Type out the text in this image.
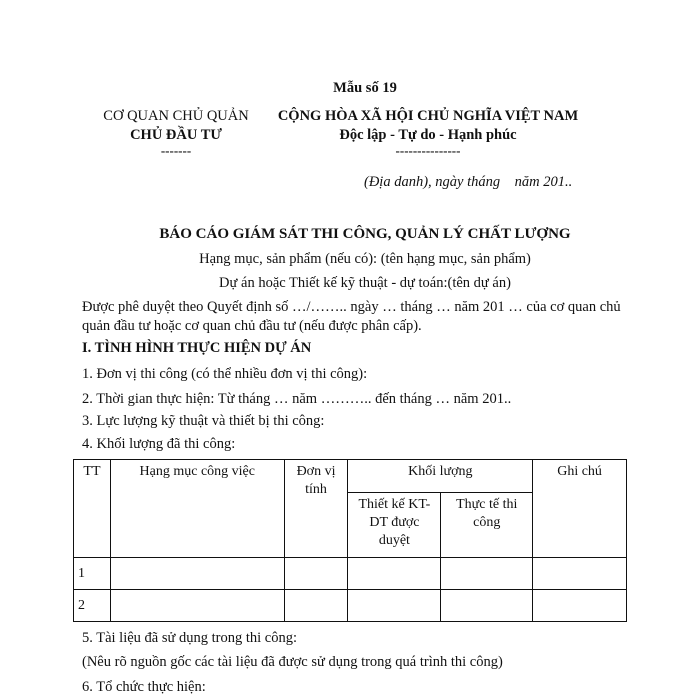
Mẫu số 19
CƠ QUAN CHỦ QUẢN
CHỦ ĐẦU TƯ
-------
CỘNG HÒA XÃ HỘI CHỦ NGHĨA VIỆT NAM
Độc lập - Tự do - Hạnh phúc
---------------
(Địa danh), ngày tháng    năm 201..
BÁO CÁO GIÁM SÁT THI CÔNG, QUẢN LÝ CHẤT LƯỢNG
Hạng mục, sản phẩm (nếu có): (tên hạng mục, sản phẩm)
Dự án hoặc Thiết kế kỹ thuật - dự toán:(tên dự án)
Được phê duyệt theo Quyết định số …/…….. ngày … tháng … năm 201 … của cơ quan chủ quản đầu tư hoặc cơ quan chủ đầu tư (nếu được phân cấp).
I. TÌNH HÌNH THỰC HIỆN DỰ ÁN
1. Đơn vị thi công (có thể nhiều đơn vị thi công):
2. Thời gian thực hiện: Từ tháng … năm ……….. đến tháng … năm 201..
3. Lực lượng kỹ thuật và thiết bị thi công:
4. Khối lượng đã thi công:
TT	Hạng mục công việc	Đơn vị tính	Khối lượng		Ghi chú
			Thiết kế KT-DT được duyệt	Thực tế thi công	
1					
2					
5. Tài liệu đã sử dụng trong thi công:
(Nêu rõ nguồn gốc các tài liệu đã được sử dụng trong quá trình thi công)
6. Tổ chức thực hiện:
